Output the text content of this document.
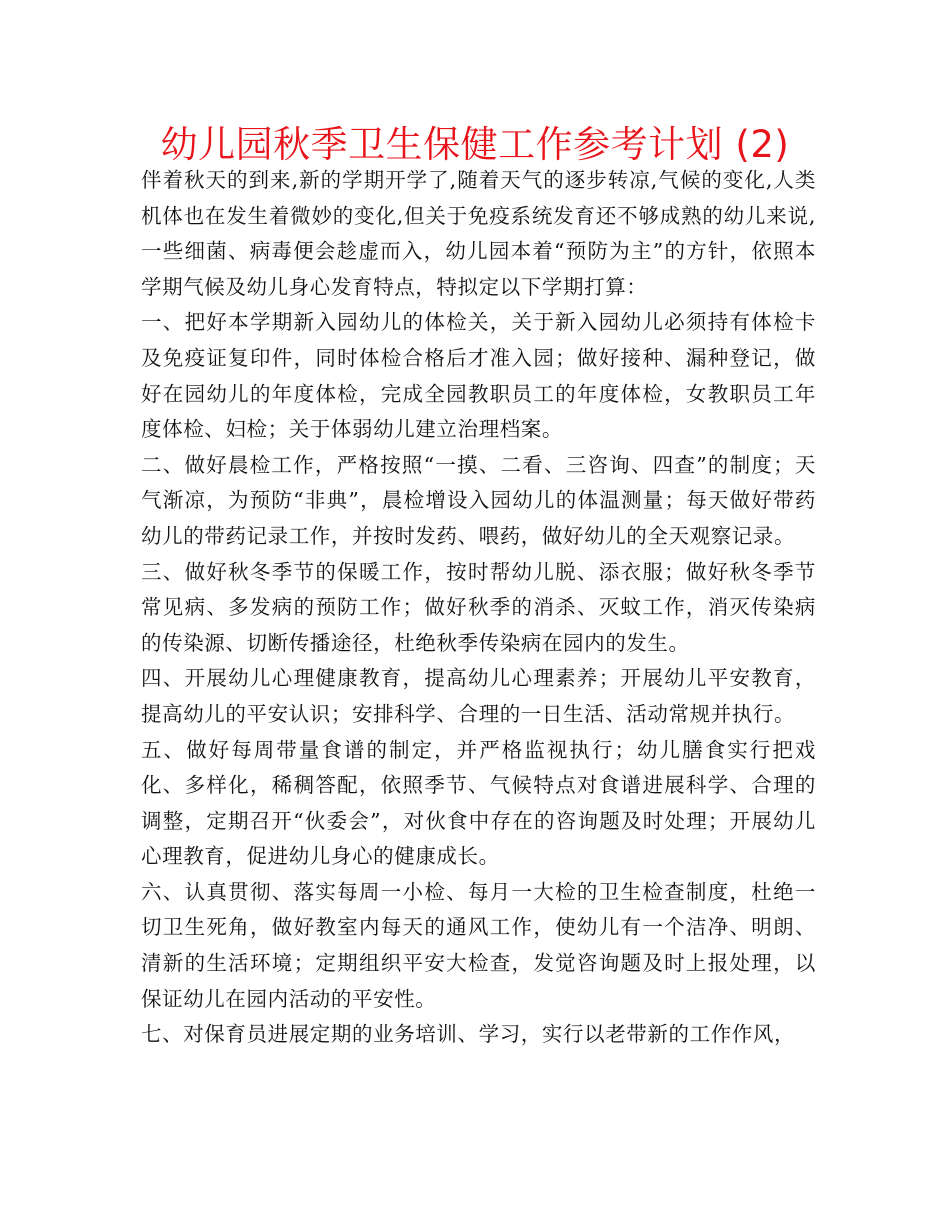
幼儿园秋季卫生保健工作参考计划 (2)

伴着秋天的到来,新的学期开学了,随着天气的逐步转凉,气候的变化,人类机体也在发生着微妙的变化,但关于免疫系统发育还不够成熟的幼儿来说,一些细菌、病毒便会趁虚而入，幼儿园本着“预防为主”的方针，依照本学期气候及幼儿身心发育特点，特拟定以下学期打算：

一、把好本学期新入园幼儿的体检关，关于新入园幼儿必须持有体检卡及免疫证复印件，同时体检合格后才准入园；做好接种、漏种登记，做好在园幼儿的年度体检，完成全园教职员工的年度体检，女教职员工年度体检、妇检；关于体弱幼儿建立治理档案。

二、做好晨检工作，严格按照“一摸、二看、三咨询、四查”的制度；天气渐凉，为预防“非典”，晨检增设入园幼儿的体温测量；每天做好带药幼儿的带药记录工作，并按时发药、喂药，做好幼儿的全天观察记录。

三、做好秋冬季节的保暖工作，按时帮幼儿脱、添衣服；做好秋冬季节常见病、多发病的预防工作；做好秋季的消杀、灭蚊工作，消灭传染病的传染源、切断传播途径，杜绝秋季传染病在园内的发生。

四、开展幼儿心理健康教育，提高幼儿心理素养；开展幼儿平安教育，提高幼儿的平安认识；安排科学、合理的一日生活、活动常规并执行。

五、做好每周带量食谱的制定，并严格监视执行；幼儿膳食实行把戏化、多样化，稀稠答配，依照季节、气候特点对食谱进展科学、合理的调整，定期召开“伙委会”，对伙食中存在的咨询题及时处理；开展幼儿心理教育，促进幼儿身心的健康成长。

六、认真贯彻、落实每周一小检、每月一大检的卫生检查制度，杜绝一切卫生死角，做好教室内每天的通风工作，使幼儿有一个洁净、明朗、清新的生活环境；定期组织平安大检查，发觉咨询题及时上报处理，以保证幼儿在园内活动的平安性。

七、对保育员进展定期的业务培训、学习，实行以老带新的工作作风，
